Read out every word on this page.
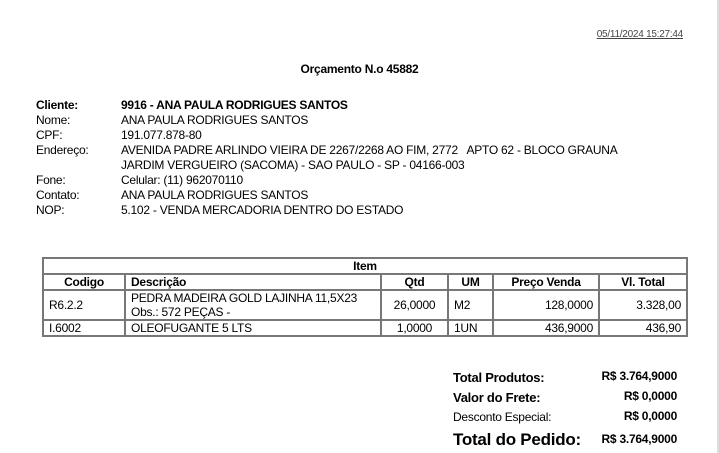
05/11/2024 15:27:44
Orçamento N.o 45882
Cliente:	9916 - ANA PAULA RODRIGUES SANTOS
Nome:	ANA PAULA RODRIGUES SANTOS
CPF:	191.077.878-80
Endereço:	AVENIDA PADRE ARLINDO VIEIRA DE 2267/2268 AO FIM, 2772   APTO 62 - BLOCO GRAUNA
JARDIM VERGUEIRO (SACOMA) - SAO PAULO - SP - 04166-003
Fone:	Celular: (11) 962070110
Contato:	ANA PAULA RODRIGUES SANTOS
NOP:	5.102 - VENDA MERCADORIA DENTRO DO ESTADO
Item					
Codigo	Descrição	Qtd	UM	Preço Venda	Vl. Total
R6.2.2	PEDRA MADEIRA GOLD LAJINHA 11,5X23
Obs.: 572 PEÇAS -	26,0000	M2	128,0000	3.328,00
I.6002	OLEOFUGANTE 5 LTS	1,0000	1UN	436,9000	436,90
Total Produtos:	R$ 3.764,9000
Valor do Frete:	R$ 0,0000
Desconto Especial:	R$ 0,0000
Total do Pedido: R$ 3.764,9000
